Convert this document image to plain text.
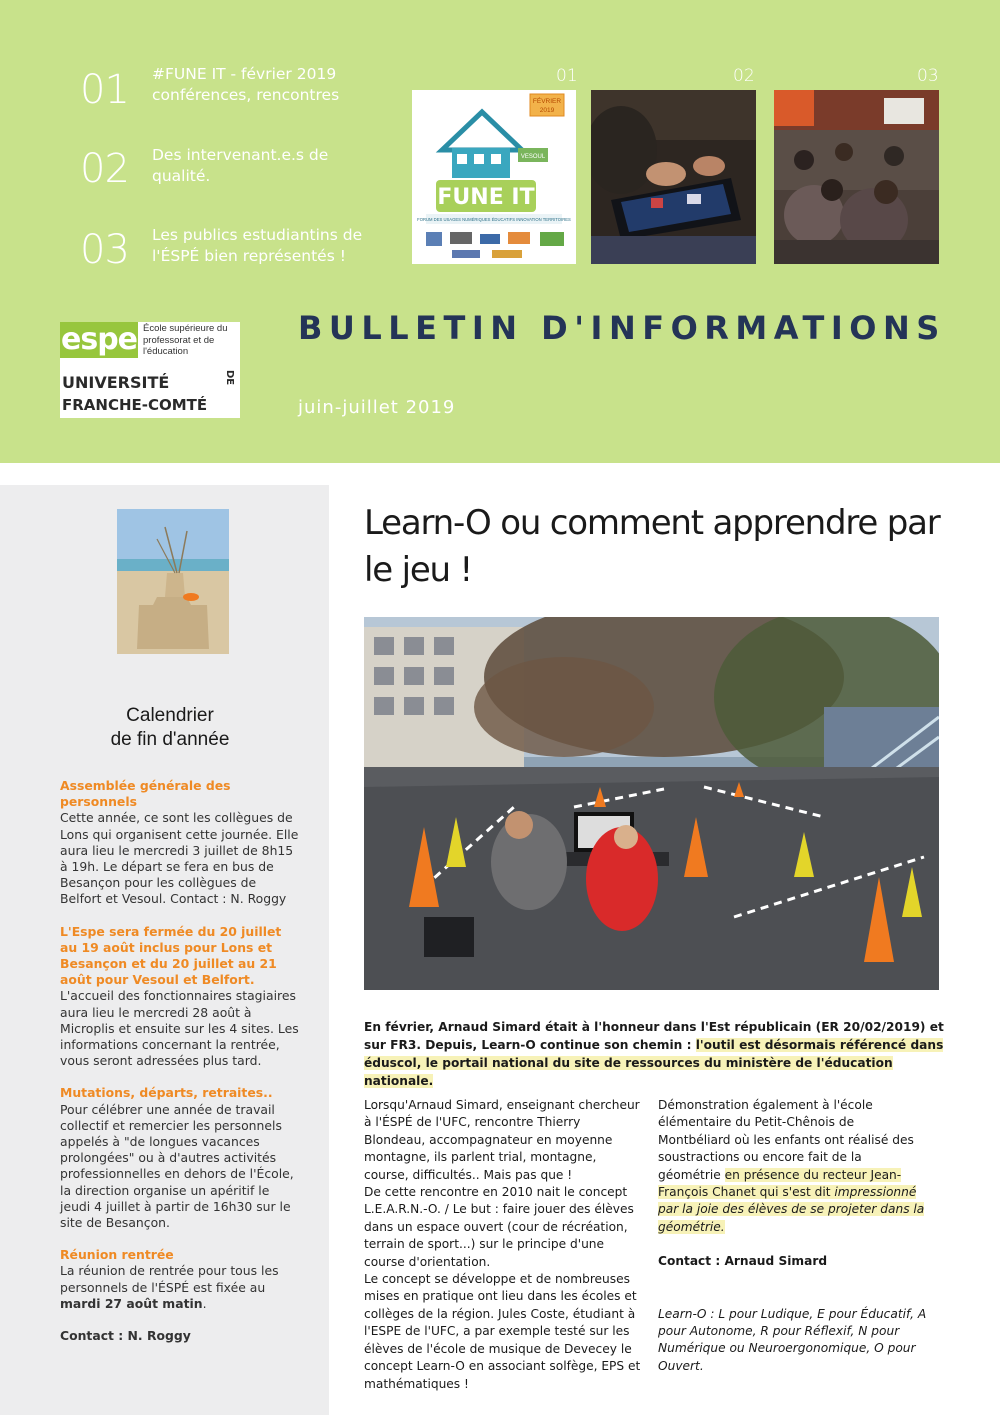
01	#FUNE IT - février 2019 conférences, rencontres
02	Des intervenant.e.s de qualité.
03	Les publics estudiantins de l'ÉSPÉ bien représentés !
01	02	03
FÉVRIER
2019
FUNE IT
VESOUL
FORUM DES USAGES NUMÉRIQUES ÉDUCATIFS INNOVATION TERRITOIRES
espe École supérieure du professorat et de l'éducation
UNIVERSITÉ	DE
FRANCHE-COMTÉ
BULLETIN D'INFORMATIONS
juin-juillet 2019
Calendrier
de fin d'année
Assemblée générale des personnels
Cette année, ce sont les collègues de Lons qui organisent cette journée. Elle aura lieu le mercredi 3 juillet de 8h15 à 19h. Le départ se fera en bus de Besançon pour les collègues de Belfort et Vesoul. Contact : N. Roggy
L'Espe sera fermée du 20 juillet au 19 août inclus pour Lons et Besançon et du 20 juillet au 21 août pour Vesoul et Belfort.
L'accueil des fonctionnaires stagiaires aura lieu le mercredi 28 août à Microplis et ensuite sur les 4 sites. Les informations concernant la rentrée, vous seront adressées plus tard.
Mutations, départs, retraites..
Pour célébrer une année de travail collectif et remercier les personnels appelés à "de longues vacances prolongées" ou à d'autres activités professionnelles en dehors de l'École, la direction organise un apéritif le jeudi 4 juillet à partir de 16h30 sur le site de Besançon.
Réunion rentrée
La réunion de rentrée pour tous les personnels de l'ÉSPÉ est fixée au mardi 27 août matin.
Contact : N. Roggy
Learn-O ou comment apprendre par le jeu !
En février, Arnaud Simard était à l'honneur dans l'Est républicain (ER 20/02/2019) et sur FR3. Depuis, Learn-O continue son chemin : l'outil est désormais référencé dans éduscol, le portail national du site de ressources du ministère de l'éducation nationale.

Lorsqu'Arnaud Simard, enseignant chercheur à l'ÉSPÉ de l'UFC, rencontre Thierry Blondeau, accompagnateur en moyenne montagne, ils parlent trial, montagne, course, difficultés.. Mais pas que !

De cette rencontre en 2010 nait le concept L.E.A.R.N.-O. / Le but : faire jouer des élèves dans un espace ouvert (cour de récréation, terrain de sport...) sur le principe d'une course d'orientation.

Le concept se développe et de nombreuses mises en pratique ont lieu dans les écoles et collèges de la région. Jules Coste, étudiant à l'ESPE de l'UFC, a par exemple testé sur les élèves de l'école de musique de Devecey le concept Learn-O en associant solfège, EPS et mathématiques !

Démonstration également à l'école élémentaire du Petit-Chênois de Montbéliard où les enfants ont réalisé des soustractions ou encore fait de la géométrie en présence du recteur Jean-François Chanet qui s'est dit impressionné par la joie des élèves de se projeter dans la géométrie.

Contact : Arnaud Simard

Learn-O : L pour Ludique, E pour Éducatif, A pour Autonome, R pour Réflexif, N pour Numérique ou Neuroergonomique, O pour Ouvert.
